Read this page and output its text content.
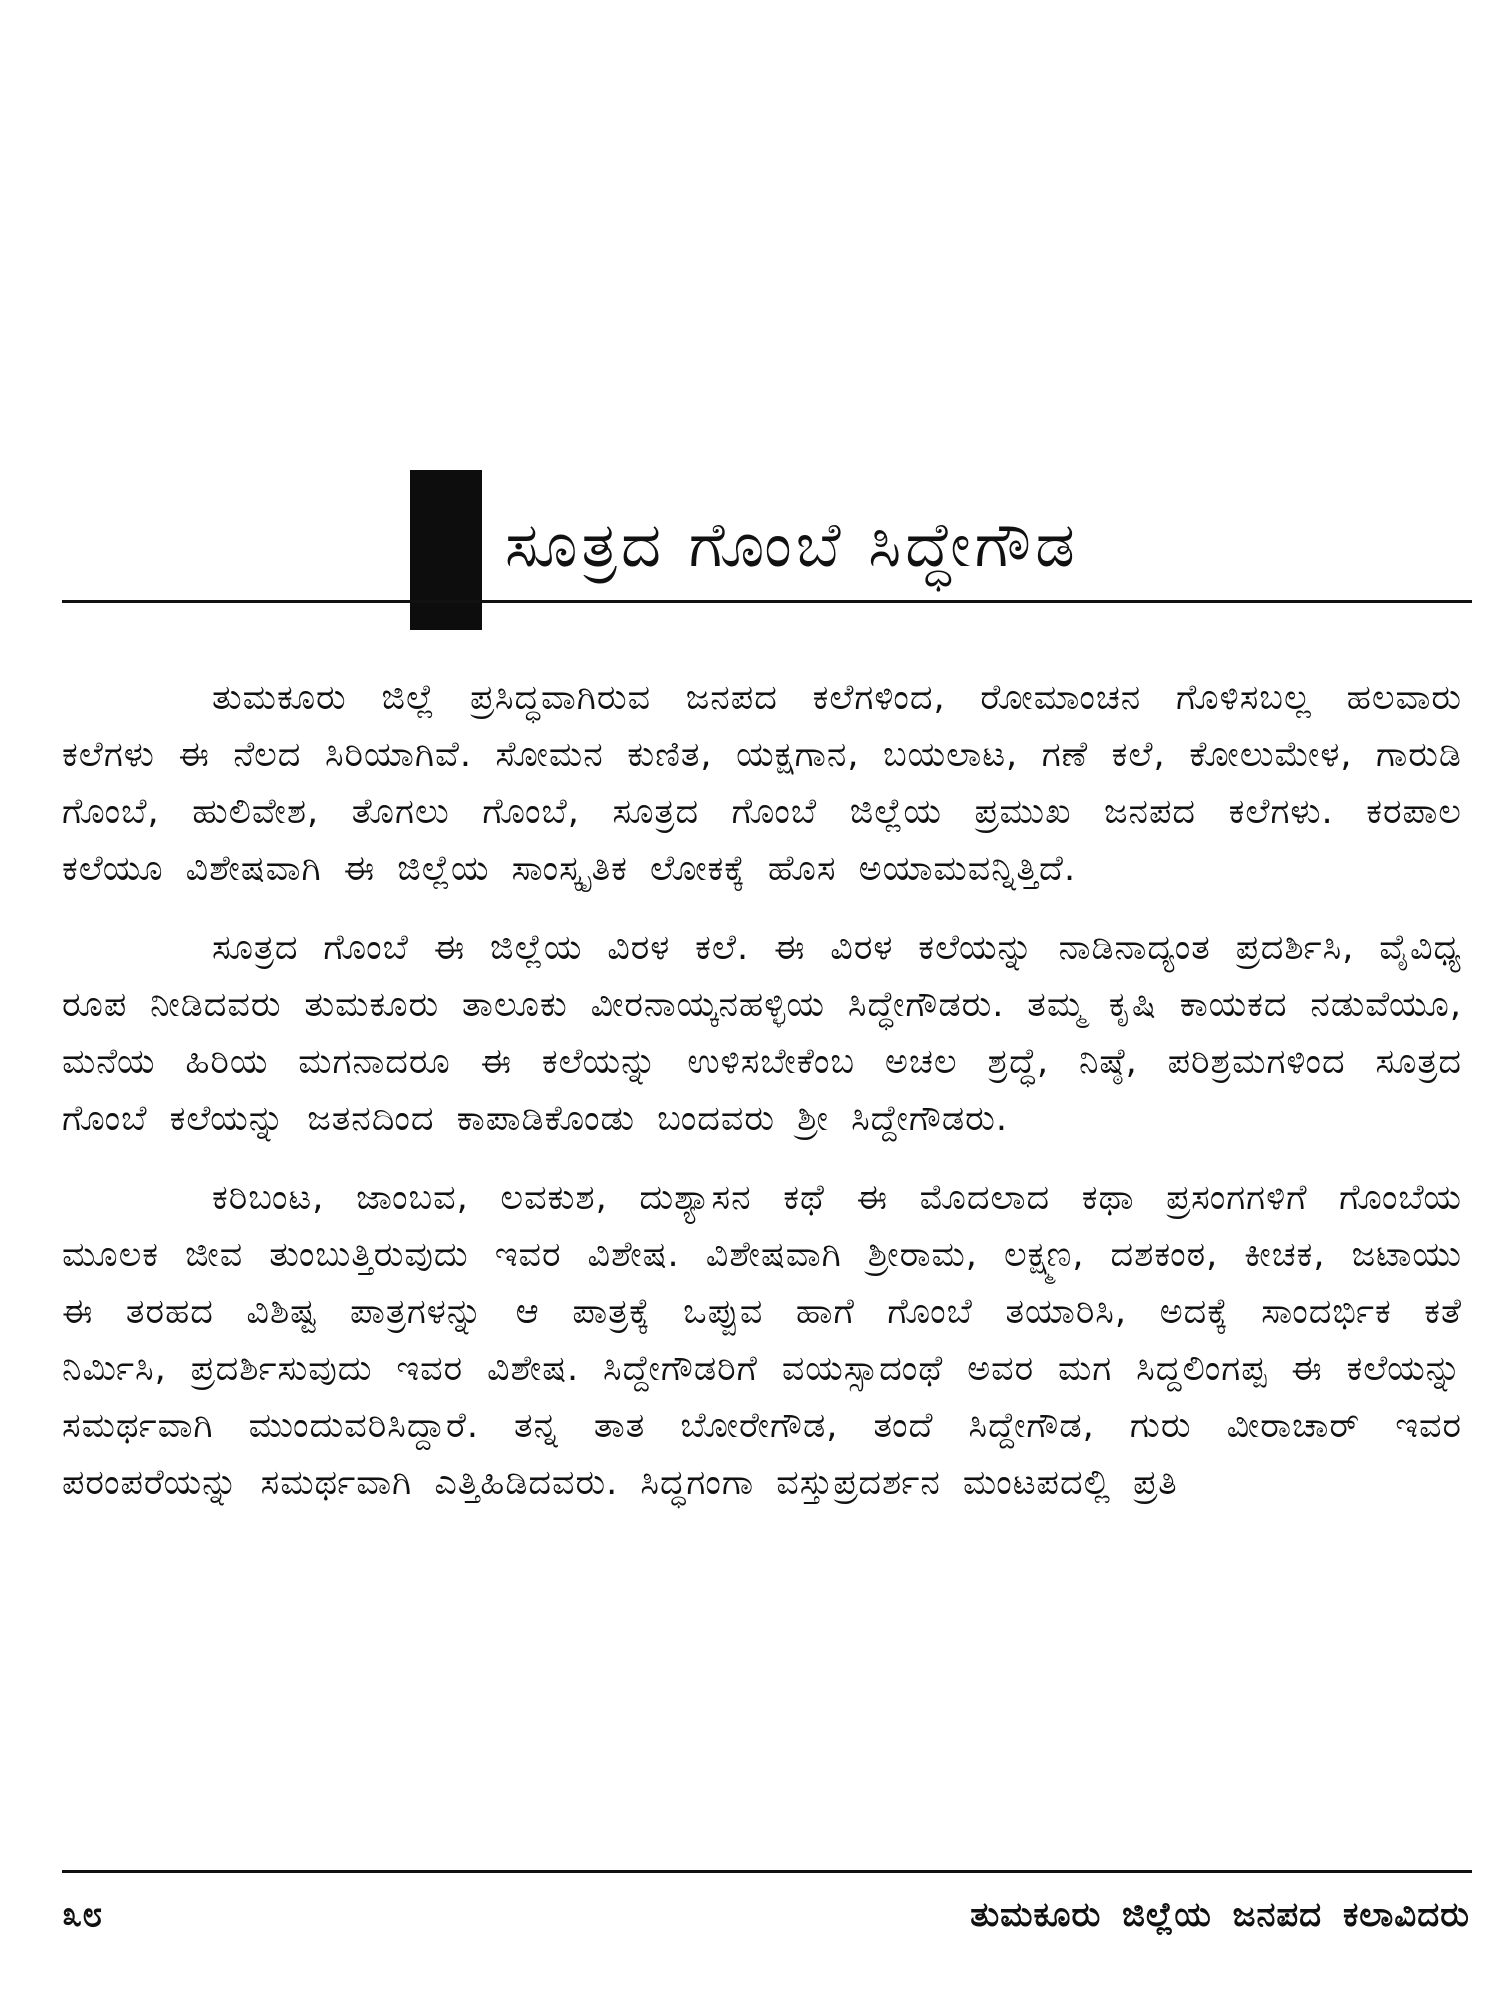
ಸೂತ್ರದ ಗೊಂಬೆ ಸಿದ್ಧೇಗೌಡ

ತುಮಕೂರು ಜಿಲ್ಲೆ ಪ್ರಸಿದ್ಧವಾಗಿರುವ ಜನಪದ ಕಲೆಗಳಿಂದ, ರೋಮಾಂಚನ ಗೊಳಿಸಬಲ್ಲ ಹಲವಾರು ಕಲೆಗಳು ಈ ನೆಲದ ಸಿರಿಯಾಗಿವೆ. ಸೋಮನ ಕುಣಿತ, ಯಕ್ಷಗಾನ, ಬಯಲಾಟ, ಗಣೆ ಕಲೆ, ಕೋಲುಮೇಳ, ಗಾರುಡಿ ಗೊಂಬೆ, ಹುಲಿವೇಶ, ತೊಗಲು ಗೊಂಬೆ, ಸೂತ್ರದ ಗೊಂಬೆ ಜಿಲ್ಲೆಯ ಪ್ರಮುಖ ಜನಪದ ಕಲೆಗಳು. ಕರಪಾಲ ಕಲೆಯೂ ವಿಶೇಷವಾಗಿ ಈ ಜಿಲ್ಲೆಯ ಸಾಂಸ್ಕೃತಿಕ ಲೋಕಕ್ಕೆ ಹೊಸ ಅಯಾಮವನ್ನಿತ್ತಿದೆ.

ಸೂತ್ರದ ಗೊಂಬೆ ಈ ಜಿಲ್ಲೆಯ ವಿರಳ ಕಲೆ. ಈ ವಿರಳ ಕಲೆಯನ್ನು ನಾಡಿನಾದ್ಯಂತ ಪ್ರದರ್ಶಿಸಿ, ವೈವಿಧ್ಯ ರೂಪ ನೀಡಿದವರು ತುಮಕೂರು ತಾಲೂಕು ವೀರನಾಯ್ಕನಹಳ್ಳಿಯ ಸಿದ್ಧೇಗೌಡರು. ತಮ್ಮ ಕೃಷಿ ಕಾಯಕದ ನಡುವೆಯೂ, ಮನೆಯ ಹಿರಿಯ ಮಗನಾದರೂ ಈ ಕಲೆಯನ್ನು ಉಳಿಸಬೇಕೆಂಬ ಅಚಲ ಶ್ರದ್ಧೆ, ನಿಷ್ಠೆ, ಪರಿಶ್ರಮಗಳಿಂದ ಸೂತ್ರದ ಗೊಂಬೆ ಕಲೆಯನ್ನು ಜತನದಿಂದ ಕಾಪಾಡಿಕೊಂಡು ಬಂದವರು ಶ್ರೀ ಸಿದ್ದೇಗೌಡರು.

ಕರಿಬಂಟ, ಜಾಂಬವ, ಲವಕುಶ, ದುಶ್ಯಾಸನ ಕಥೆ ಈ ಮೊದಲಾದ ಕಥಾ ಪ್ರಸಂಗಗಳಿಗೆ ಗೊಂಬೆಯ ಮೂಲಕ ಜೀವ ತುಂಬುತ್ತಿರುವುದು ಇವರ ವಿಶೇಷ. ವಿಶೇಷವಾಗಿ ಶ್ರೀರಾಮ, ಲಕ್ಷ್ಮಣ, ದಶಕಂಠ, ಕೀಚಕ, ಜಟಾಯು ಈ ತರಹದ ವಿಶಿಷ್ಟ ಪಾತ್ರಗಳನ್ನು ಆ ಪಾತ್ರಕ್ಕೆ ಒಪ್ಪುವ ಹಾಗೆ ಗೊಂಬೆ ತಯಾರಿಸಿ, ಅದಕ್ಕೆ ಸಾಂದರ್ಭಿಕ ಕತೆ ನಿರ್ಮಿಸಿ, ಪ್ರದರ್ಶಿಸುವುದು ಇವರ ವಿಶೇಷ. ಸಿದ್ದೇಗೌಡರಿಗೆ ವಯಸ್ಸಾದಂಥೆ ಅವರ ಮಗ ಸಿದ್ದಲಿಂಗಪ್ಪ ಈ ಕಲೆಯನ್ನು ಸಮರ್ಥವಾಗಿ ಮುಂದುವರಿಸಿದ್ದಾರೆ. ತನ್ನ ತಾತ ಬೋರೇಗೌಡ, ತಂದೆ ಸಿದ್ದೇಗೌಡ, ಗುರು ವೀರಾಚಾರ್ ಇವರ ಪರಂಪರೆಯನ್ನು ಸಮರ್ಥವಾಗಿ ಎತ್ತಿಹಿಡಿದವರು. ಸಿದ್ಧಗಂಗಾ ವಸ್ತುಪ್ರದರ್ಶನ ಮಂಟಪದಲ್ಲಿ ಪ್ರತಿ

೩೮	ತುಮಕೂರು ಜಿಲ್ಲೆಯ ಜನಪದ ಕಲಾವಿದರು
